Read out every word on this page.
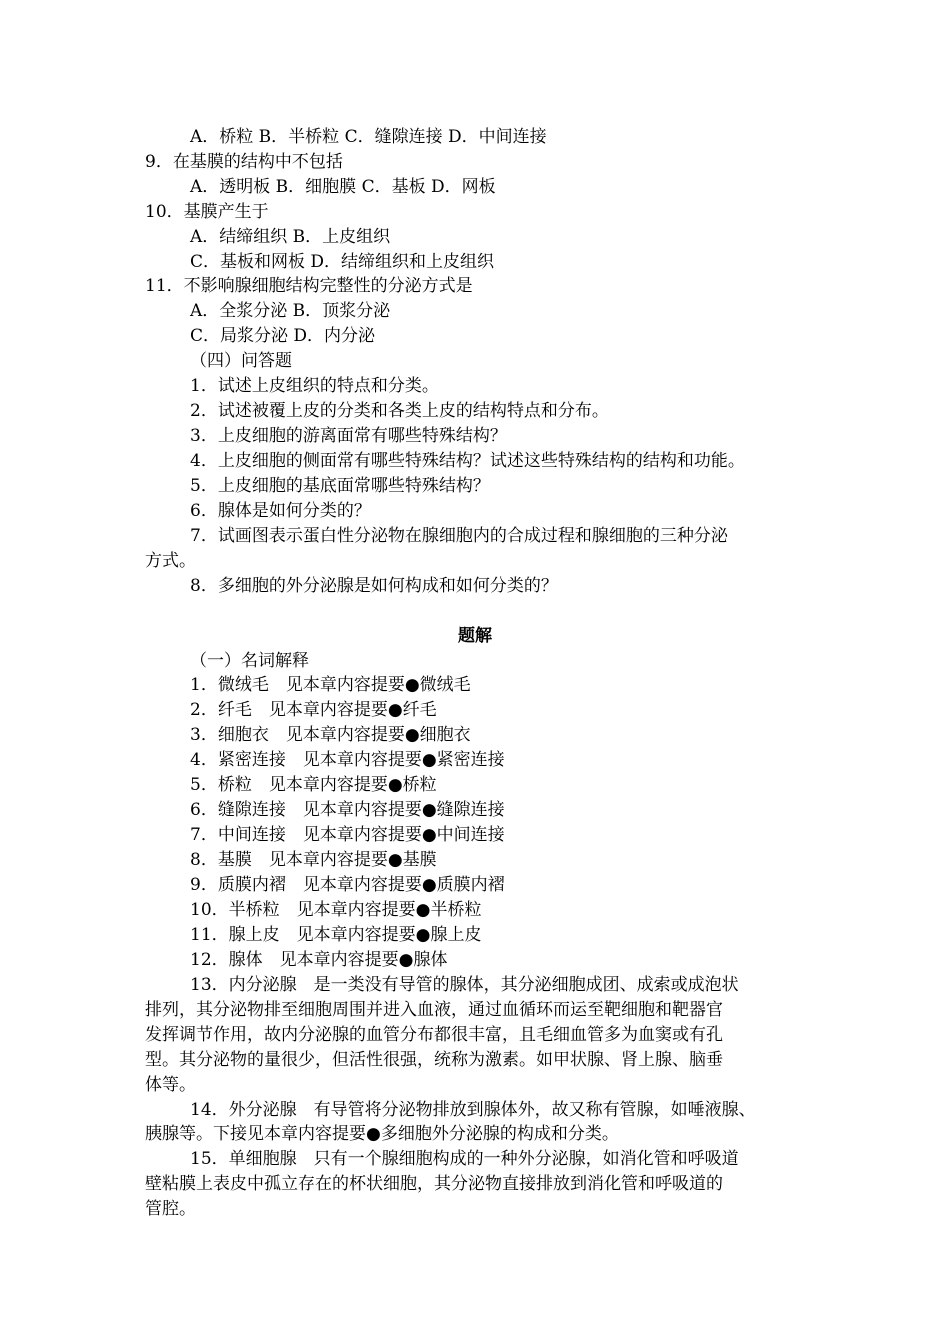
A．桥粒 B．半桥粒 C．缝隙连接 D．中间连接
9．在基膜的结构中不包括
A．透明板 B．细胞膜 C．基板 D．网板
10．基膜产生于
A．结缔组织 B．上皮组织
C．基板和网板 D．结缔组织和上皮组织
11．不影响腺细胞结构完整性的分泌方式是
A．全浆分泌 B．顶浆分泌
C．局浆分泌 D．内分泌
（四）问答题
1．试述上皮组织的特点和分类。
2．试述被覆上皮的分类和各类上皮的结构特点和分布。
3．上皮细胞的游离面常有哪些特殊结构？
4．上皮细胞的侧面常有哪些特殊结构？试述这些特殊结构的结构和功能。
5．上皮细胞的基底面常哪些特殊结构？
6．腺体是如何分类的？
7．试画图表示蛋白性分泌物在腺细胞内的合成过程和腺细胞的三种分泌
方式。
8．多细胞的外分泌腺是如何构成和如何分类的？
题解
（一）名词解释
1．微绒毛　见本章内容提要●微绒毛
2．纤毛　见本章内容提要●纤毛
3．细胞衣　见本章内容提要●细胞衣
4．紧密连接　见本章内容提要●紧密连接
5．桥粒　见本章内容提要●桥粒
6．缝隙连接　见本章内容提要●缝隙连接
7．中间连接　见本章内容提要●中间连接
8．基膜　见本章内容提要●基膜
9．质膜内褶　见本章内容提要●质膜内褶
10．半桥粒　见本章内容提要●半桥粒
11．腺上皮　见本章内容提要●腺上皮
12．腺体　见本章内容提要●腺体
13．内分泌腺　是一类没有导管的腺体，其分泌细胞成团、成索或成泡状
排列，其分泌物排至细胞周围并进入血液，通过血循环而运至靶细胞和靶器官
发挥调节作用，故内分泌腺的血管分布都很丰富，且毛细血管多为血窦或有孔
型。其分泌物的量很少，但活性很强，统称为激素。如甲状腺、肾上腺、脑垂
体等。
14．外分泌腺　有导管将分泌物排放到腺体外，故又称有管腺，如唾液腺、
胰腺等。下接见本章内容提要●多细胞外分泌腺的构成和分类。
15．单细胞腺　只有一个腺细胞构成的一种外分泌腺，如消化管和呼吸道
壁粘膜上表皮中孤立存在的杯状细胞，其分泌物直接排放到消化管和呼吸道的
管腔。
